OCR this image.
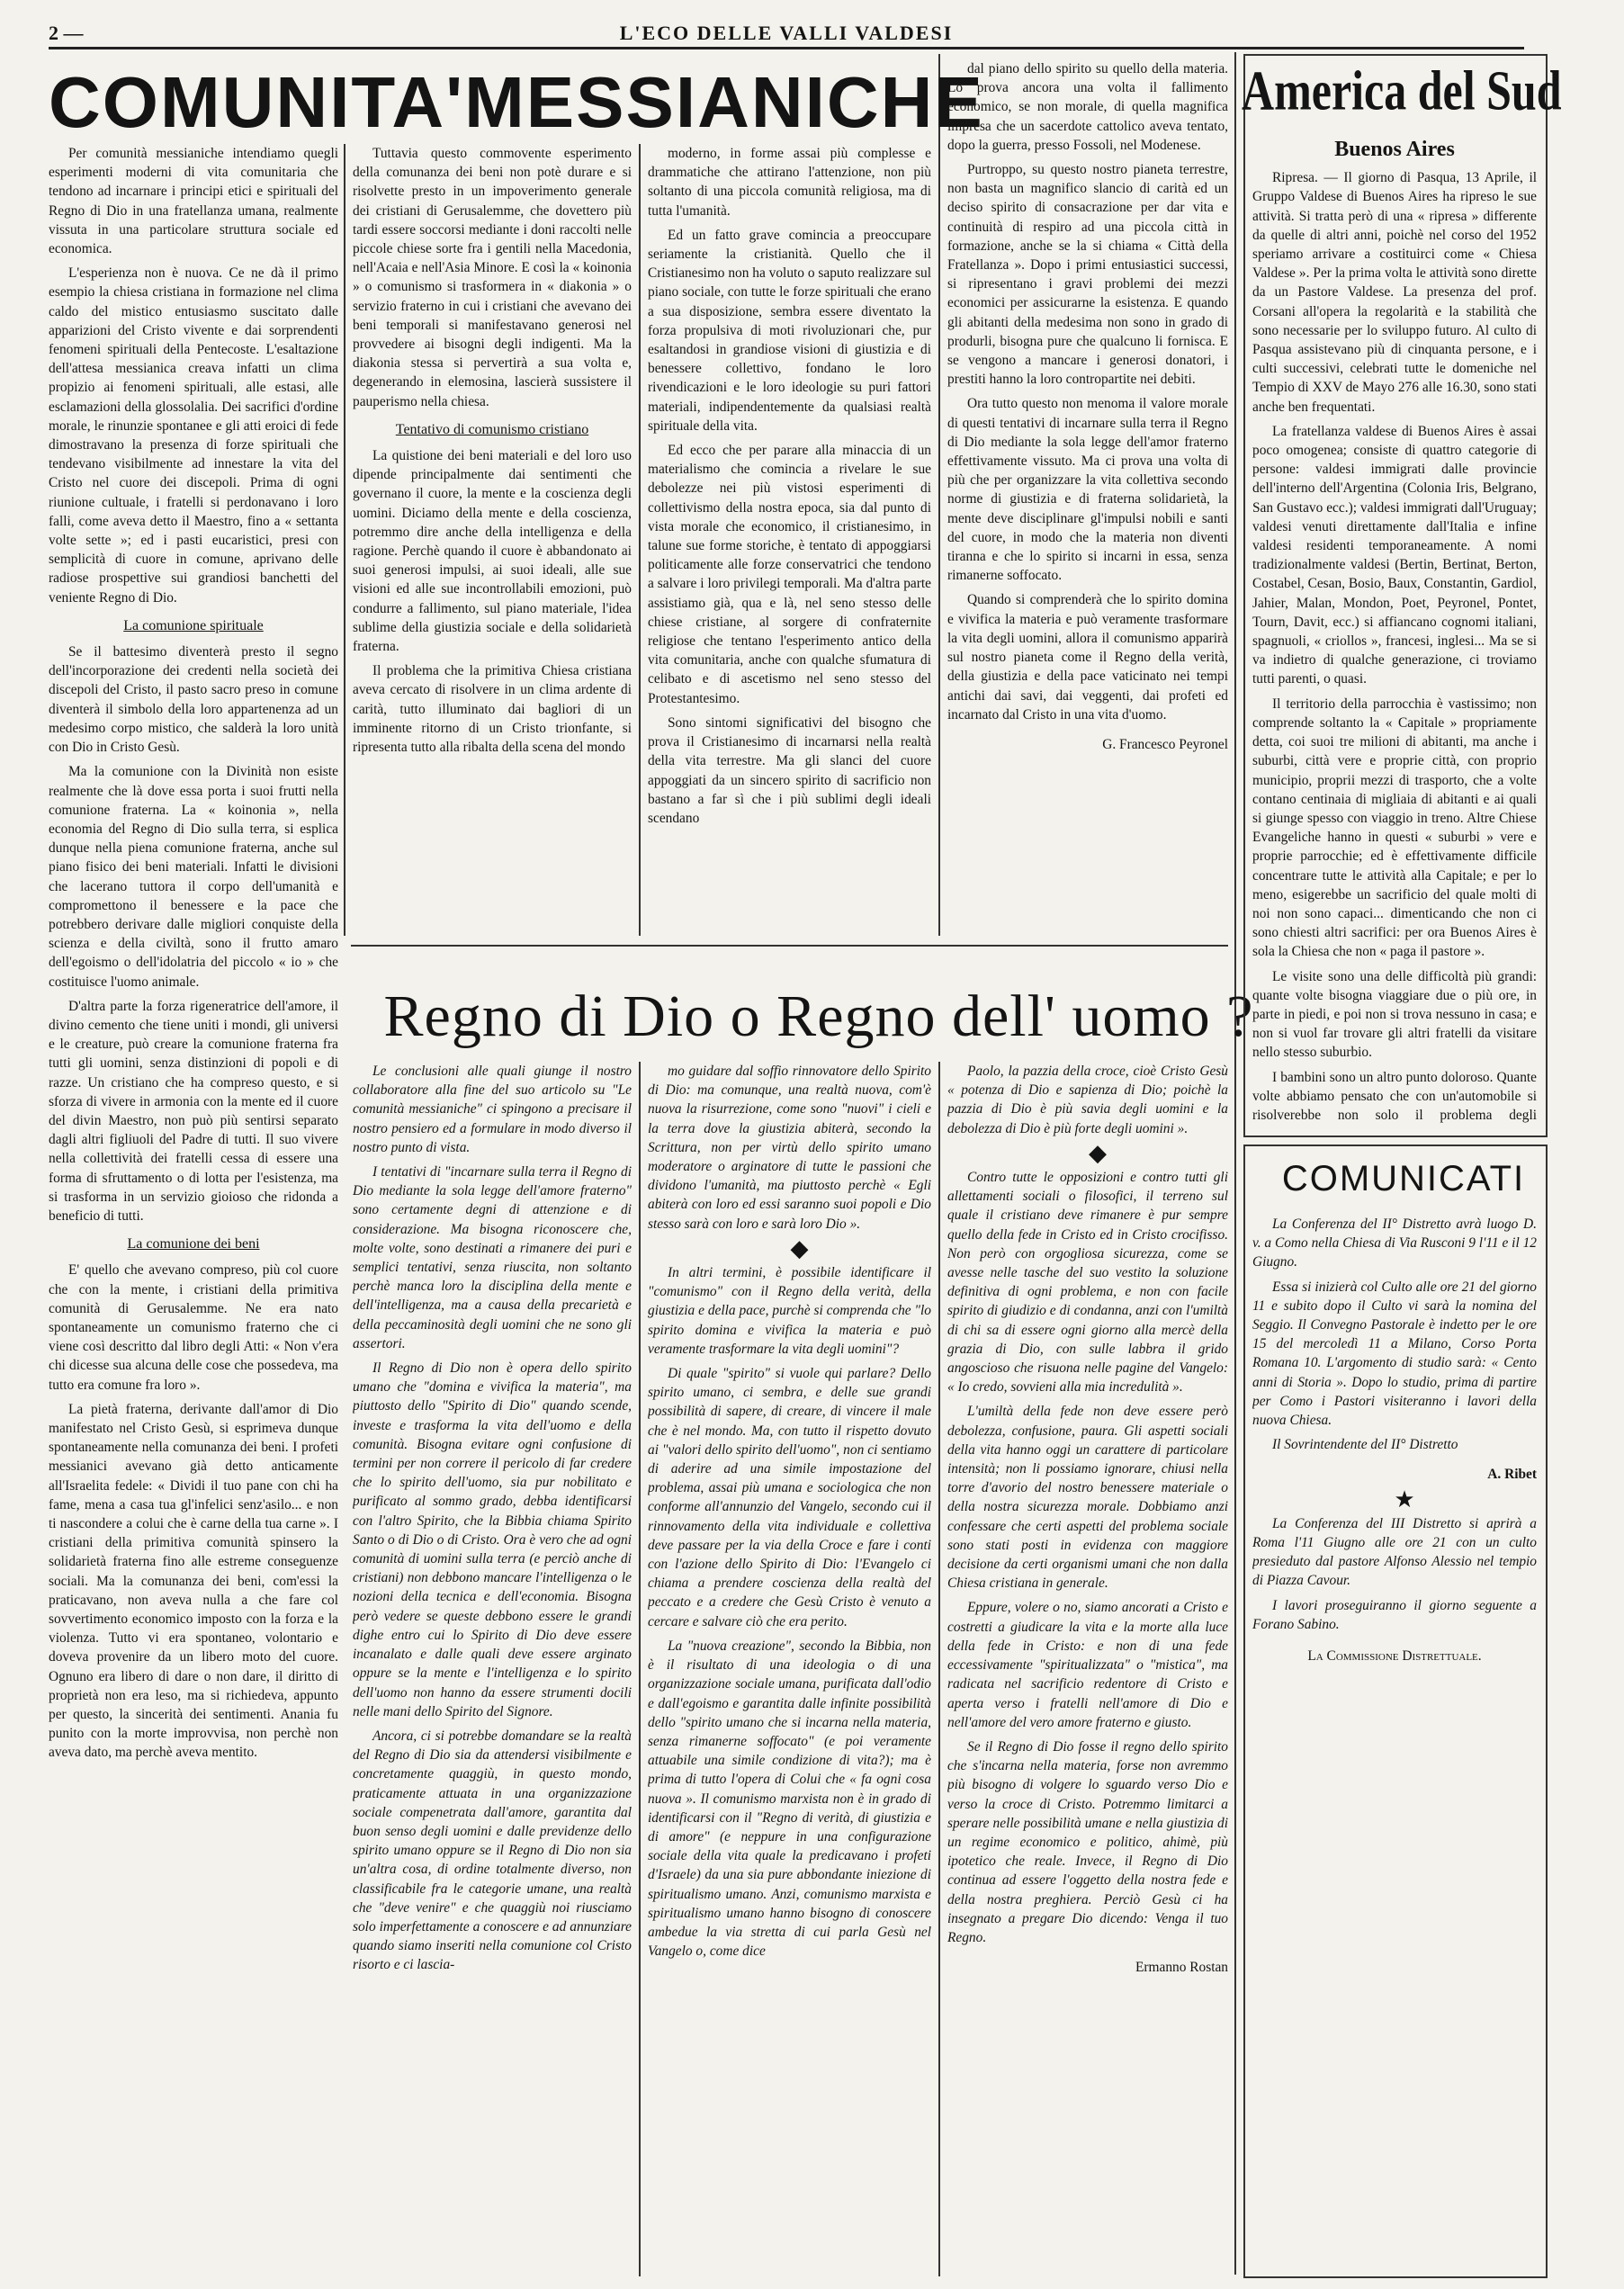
2 —	L'ECO DELLE VALLI VALDESI
COMUNITA'MESSIANICHE

Per comunità messianiche intendiamo quegli esperimenti moderni di vita comunitaria che tendono ad incarnare i principi etici e spirituali del Regno di Dio in una fratellanza umana, realmente vissuta in una particolare struttura sociale ed economica.

L'esperienza non è nuova. Ce ne dà il primo esempio la chiesa cristiana in formazione nel clima caldo del mistico entusiasmo suscitato dalle apparizioni del Cristo vivente e dai sorprendenti fenomeni spirituali della Pentecoste. L'esaltazione dell'attesa messianica creava infatti un clima propizio ai fenomeni spirituali, alle estasi, alle esclamazioni della glossolalia. Dei sacrifici d'ordine morale, le rinunzie spontanee e gli atti eroici di fede dimostravano la presenza di forze spirituali che tendevano visibilmente ad innestare la vita del Cristo nel cuore dei discepoli. Prima di ogni riunione cultuale, i fratelli si perdonavano i loro falli, come aveva detto il Maestro, fino a « settanta volte sette »; ed i pasti eucaristici, presi con semplicità di cuore in comune, aprivano delle radiose prospettive sui grandiosi banchetti del veniente Regno di Dio.

La comunione spirituale

Se il battesimo diventerà presto il segno dell'incorporazione dei credenti nella società dei discepoli del Cristo, il pasto sacro preso in comune diventerà il simbolo della loro appartenenza ad un medesimo corpo mistico, che salderà la loro unità con Dio in Cristo Gesù.

Ma la comunione con la Divinità non esiste realmente che là dove essa porta i suoi frutti nella comunione fraterna. La « koinonia », nella economia del Regno di Dio sulla terra, si esplica dunque nella piena comunione fraterna, anche sul piano fisico dei beni materiali. Infatti le divisioni che lacerano tuttora il corpo dell'umanità e compromettono il benessere e la pace che potrebbero derivare dalle migliori conquiste della scienza e della civiltà, sono il frutto amaro dell'egoismo o dell'idolatria del piccolo « io » che costituisce l'uomo animale.

D'altra parte la forza rigeneratrice dell'amore, il divino cemento che tiene uniti i mondi, gli universi e le creature, può creare la comunione fraterna fra tutti gli uomini, senza distinzioni di popoli e di razze. Un cristiano che ha compreso questo, e si sforza di vivere in armonia con la mente ed il cuore del divin Maestro, non può più sentirsi separato dagli altri figliuoli del Padre di tutti. Il suo vivere nella collettività dei fratelli cessa di essere una forma di sfruttamento o di lotta per l'esistenza, ma si trasforma in un servizio gioioso che ridonda a beneficio di tutti.

La comunione dei beni

E' quello che avevano compreso, più col cuore che con la mente, i cristiani della primitiva comunità di Gerusalemme. Ne era nato spontaneamente un comunismo fraterno che ci viene così descritto dal libro degli Atti: « Non v'era chi dicesse sua alcuna delle cose che possedeva, ma tutto era comune fra loro ».

La pietà fraterna, derivante dall'amor di Dio manifestato nel Cristo Gesù, si esprimeva dunque spontaneamente nella comunanza dei beni. I profeti messianici avevano già detto anticamente all'Israelita fedele: « Dividi il tuo pane con chi ha fame, mena a casa tua gl'infelici senz'asilo... e non ti nascondere a colui che è carne della tua carne ». I cristiani della primitiva comunità spinsero la solidarietà fraterna fino alle estreme conseguenze sociali. Ma la comunanza dei beni, com'essi la praticavano, non aveva nulla a che fare col sovvertimento economico imposto con la forza e la violenza. Tutto vi era spontaneo, volontario e doveva provenire da un libero moto del cuore. Ognuno era libero di dare o non dare, il diritto di proprietà non era leso, ma si richiedeva, appunto per questo, la sincerità dei sentimenti. Anania fu punito con la morte improvvisa, non perchè non aveva dato, ma perchè aveva mentito.

Tuttavia questo commovente esperimento della comunanza dei beni non potè durare e si risolvette presto in un impoverimento generale dei cristiani di Gerusalemme, che dovettero più tardi essere soccorsi mediante i doni raccolti nelle piccole chiese sorte fra i gentili nella Macedonia, nell'Acaia e nell'Asia Minore. E così la « koinonia » o comunismo si trasformera in « diakonia » o servizio fraterno in cui i cristiani che avevano dei beni temporali si manifestavano generosi nel provvedere ai bisogni degli indigenti. Ma la diakonia stessa si pervertirà a sua volta e, degenerando in elemosina, lascierà sussistere il pauperismo nella chiesa.

Tentativo di comunismo cristiano

La quistione dei beni materiali e del loro uso dipende principalmente dai sentimenti che governano il cuore, la mente e la coscienza degli uomini. Diciamo della mente e della coscienza, potremmo dire anche della intelligenza e della ragione. Perchè quando il cuore è abbandonato ai suoi generosi impulsi, ai suoi ideali, alle sue visioni ed alle sue incontrollabili emozioni, può condurre a fallimento, sul piano materiale, l'idea sublime della giustizia sociale e della solidarietà fraterna.

Il problema che la primitiva Chiesa cristiana aveva cercato di risolvere in un clima ardente di carità, tutto illuminato dai bagliori di un imminente ritorno di un Cristo trionfante, si ripresenta tutto alla ribalta della scena del mondo

moderno, in forme assai più complesse e drammatiche che attirano l'attenzione, non più soltanto di una piccola comunità religiosa, ma di tutta l'umanità.

Ed un fatto grave comincia a preoccupare seriamente la cristianità. Quello che il Cristianesimo non ha voluto o saputo realizzare sul piano sociale, con tutte le forze spirituali che erano a sua disposizione, sembra essere diventato la forza propulsiva di moti rivoluzionari che, pur esaltandosi in grandiose visioni di giustizia e di benessere collettivo, fondano le loro rivendicazioni e le loro ideologie su puri fattori materiali, indipendentemente da qualsiasi realtà spirituale della vita.

Ed ecco che per parare alla minaccia di un materialismo che comincia a rivelare le sue debolezze nei più vistosi esperimenti di collettivismo della nostra epoca, sia dal punto di vista morale che economico, il cristianesimo, in talune sue forme storiche, è tentato di appoggiarsi politicamente alle forze conservatrici che tendono a salvare i loro privilegi temporali. Ma d'altra parte assistiamo già, qua e là, nel seno stesso delle chiese cristiane, al sorgere di confraternite religiose che tentano l'esperimento antico della vita comunitaria, anche con qualche sfumatura di celibato e di ascetismo nel seno stesso del Protestantesimo.

Sono sintomi significativi del bisogno che prova il Cristianesimo di incarnarsi nella realtà della vita terrestre. Ma gli slanci del cuore appoggiati da un sincero spirito di sacrificio non bastano a far sì che i più sublimi degli ideali scendano

dal piano dello spirito su quello della materia. Lo prova ancora una volta il fallimento economico, se non morale, di quella magnifica impresa che un sacerdote cattolico aveva tentato, dopo la guerra, presso Fossoli, nel Modenese.

Purtroppo, su questo nostro pianeta terrestre, non basta un magnifico slancio di carità ed un deciso spirito di consacrazione per dar vita e continuità di respiro ad una piccola città in formazione, anche se la si chiama « Città della Fratellanza ». Dopo i primi entusiastici successi, si ripresentano i gravi problemi dei mezzi economici per assicurarne la esistenza. E quando gli abitanti della medesima non sono in grado di produrli, bisogna pure che qualcuno li fornisca. E se vengono a mancare i generosi donatori, i prestiti hanno la loro contropartite nei debiti.

Ora tutto questo non menoma il valore morale di questi tentativi di incarnare sulla terra il Regno di Dio mediante la sola legge dell'amor fraterno effettivamente vissuto. Ma ci prova una volta di più che per organizzare la vita collettiva secondo norme di giustizia e di fraterna solidarietà, la mente deve disciplinare gl'impulsi nobili e santi del cuore, in modo che la materia non diventi tiranna e che lo spirito si incarni in essa, senza rimanerne soffocato.

Quando si comprenderà che lo spirito domina e vivifica la materia e può veramente trasformare la vita degli uomini, allora il comunismo apparirà sul nostro pianeta come il Regno della verità, della giustizia e della pace vaticinato nei tempi antichi dai savi, dai veggenti, dai profeti ed incarnato dal Cristo in una vita d'uomo.

G. Francesco Peyronel

Regno di Dio o Regno dell' uomo ?

Le conclusioni alle quali giunge il nostro collaboratore alla fine del suo articolo su "Le comunità messianiche" ci spingono a precisare il nostro pensiero ed a formulare in modo diverso il nostro punto di vista.

I tentativi di "incarnare sulla terra il Regno di Dio mediante la sola legge dell'amore fraterno" sono certamente degni di attenzione e di considerazione. Ma bisogna riconoscere che, molte volte, sono destinati a rimanere dei puri e semplici tentativi, senza riuscita, non soltanto perchè manca loro la disciplina della mente e dell'intelligenza, ma a causa della precarietà e della peccaminosità degli uomini che ne sono gli assertori.

Il Regno di Dio non è opera dello spirito umano che "domina e vivifica la materia", ma piuttosto dello "Spirito di Dio" quando scende, investe e trasforma la vita dell'uomo e della comunità. Bisogna evitare ogni confusione di termini per non correre il pericolo di far credere che lo spirito dell'uomo, sia pur nobilitato e purificato al sommo grado, debba identificarsi con l'altro Spirito, che la Bibbia chiama Spirito Santo o di Dio o di Cristo. Ora è vero che ad ogni comunità di uomini sulla terra (e perciò anche di cristiani) non debbono mancare l'intelligenza o le nozioni della tecnica e dell'economia. Bisogna però vedere se queste debbono essere le grandi dighe entro cui lo Spirito di Dio deve essere incanalato e dalle quali deve essere arginato oppure se la mente e l'intelligenza e lo spirito dell'uomo non hanno da essere strumenti docili nelle mani dello Spirito del Signore.

Ancora, ci si potrebbe domandare se la realtà del Regno di Dio sia da attendersi visibilmente e concretamente quaggiù, in questo mondo, praticamente attuata in una organizzazione sociale compenetrata dall'amore, garantita dal buon senso degli uomini e dalle previdenze dello spirito umano oppure se il Regno di Dio non sia un'altra cosa, di ordine totalmente diverso, non classificabile fra le categorie umane, una realtà che "deve venire" e che quaggiù noi riusciamo solo imperfettamente a conoscere e ad annunziare quando siamo inseriti nella comunione col Cristo risorto e ci lascia-

mo guidare dal soffio rinnovatore dello Spirito di Dio: ma comunque, una realtà nuova, com'è nuova la risurrezione, come sono "nuovi" i cieli e la terra dove la giustizia abiterà, secondo la Scrittura, non per virtù dello spirito umano moderatore o arginatore di tutte le passioni che dividono l'umanità, ma piuttosto perchè « Egli abiterà con loro ed essi saranno suoi popoli e Dio stesso sarà con loro e sarà loro Dio ».

◆

In altri termini, è possibile identificare il "comunismo" con il Regno della verità, della giustizia e della pace, purchè si comprenda che "lo spirito domina e vivifica la materia e può veramente trasformare la vita degli uomini"?

Di quale "spirito" si vuole qui parlare? Dello spirito umano, ci sembra, e delle sue grandi possibilità di sapere, di creare, di vincere il male che è nel mondo. Ma, con tutto il rispetto dovuto ai "valori dello spirito dell'uomo", non ci sentiamo di aderire ad una simile impostazione del problema, assai più umana e sociologica che non conforme all'annunzio del Vangelo, secondo cui il rinnovamento della vita individuale e collettiva deve passare per la via della Croce e fare i conti con l'azione dello Spirito di Dio: l'Evangelo ci chiama a prendere coscienza della realtà del peccato e a credere che Gesù Cristo è venuto a cercare e salvare ciò che era perito.

La "nuova creazione", secondo la Bibbia, non è il risultato di una ideologia o di una organizzazione sociale umana, purificata dall'odio e dall'egoismo e garantita dalle infinite possibilità dello "spirito umano che si incarna nella materia, senza rimanerne soffocato" (e poi veramente attuabile una simile condizione di vita?); ma è prima di tutto l'opera di Colui che « fa ogni cosa nuova ». Il comunismo marxista non è in grado di identificarsi con il "Regno di verità, di giustizia e di amore" (e neppure in una configurazione sociale della vita quale la predicavano i profeti d'Israele) da una sia pure abbondante iniezione di spiritualismo umano. Anzi, comunismo marxista e spiritualismo umano hanno bisogno di conoscere ambedue la via stretta di cui parla Gesù nel Vangelo o, come dice

Paolo, la pazzia della croce, cioè Cristo Gesù « potenza di Dio e sapienza di Dio; poichè la pazzia di Dio è più savia degli uomini e la debolezza di Dio è più forte degli uomini ».

◆

Contro tutte le opposizioni e contro tutti gli allettamenti sociali o filosofici, il terreno sul quale il cristiano deve rimanere è pur sempre quello della fede in Cristo ed in Cristo crocifisso. Non però con orgogliosa sicurezza, come se avesse nelle tasche del suo vestito la soluzione definitiva di ogni problema, e non con facile spirito di giudizio e di condanna, anzi con l'umiltà di chi sa di essere ogni giorno alla mercè della grazia di Dio, con sulle labbra il grido angoscioso che risuona nelle pagine del Vangelo: « Io credo, sovvieni alla mia incredulità ».

L'umiltà della fede non deve essere però debolezza, confusione, paura. Gli aspetti sociali della vita hanno oggi un carattere di particolare intensità; non li possiamo ignorare, chiusi nella torre d'avorio del nostro benessere materiale o della nostra sicurezza morale. Dobbiamo anzi confessare che certi aspetti del problema sociale sono stati posti in evidenza con maggiore decisione da certi organismi umani che non dalla Chiesa cristiana in generale.

Eppure, volere o no, siamo ancorati a Cristo e costretti a giudicare la vita e la morte alla luce della fede in Cristo: e non di una fede eccessivamente "spiritualizzata" o "mistica", ma radicata nel sacrificio redentore di Cristo e aperta verso i fratelli nell'amore di Dio e nell'amore del vero amore fraterno e giusto.

Se il Regno di Dio fosse il regno dello spirito che s'incarna nella materia, forse non avremmo più bisogno di volgere lo sguardo verso Dio e verso la croce di Cristo. Potremmo limitarci a sperare nelle possibilità umane e nella giustizia di un regime economico e politico, ahimè, più ipotetico che reale. Invece, il Regno di Dio continua ad essere l'oggetto della nostra fede e della nostra preghiera. Perciò Gesù ci ha insegnato a pregare Dio dicendo: Venga il tuo Regno.

Ermanno Rostan

America del Sud
Buenos Aires

Ripresa. — Il giorno di Pasqua, 13 Aprile, il Gruppo Valdese di Buenos Aires ha ripreso le sue attività. Si tratta però di una « ripresa » differente da quelle di altri anni, poichè nel corso del 1952 speriamo arrivare a costituirci come « Chiesa Valdese ». Per la prima volta le attività sono dirette da un Pastore Valdese. La presenza del prof. Corsani all'opera la regolarità e la stabilità che sono necessarie per lo sviluppo futuro. Al culto di Pasqua assistevano più di cinquanta persone, e i culti successivi, celebrati tutte le domeniche nel Tempio di XXV de Mayo 276 alle 16.30, sono stati anche ben frequentati.

La fratellanza valdese di Buenos Aires è assai poco omogenea; consiste di quattro categorie di persone: valdesi immigrati dalle provincie dell'interno dell'Argentina (Colonia Iris, Belgrano, San Gustavo ecc.); valdesi immigrati dall'Uruguay; valdesi venuti direttamente dall'Italia e infine valdesi residenti temporaneamente. A nomi tradizionalmente valdesi (Bertin, Bertinat, Berton, Costabel, Cesan, Bosio, Baux, Constantin, Gardiol, Jahier, Malan, Mondon, Poet, Peyronel, Pontet, Tourn, Davit, ecc.) si affiancano cognomi italiani, spagnuoli, « criollos », francesi, inglesi... Ma se si va indietro di qualche generazione, ci troviamo tutti parenti, o quasi.

Il territorio della parrocchia è vastissimo; non comprende soltanto la « Capitale » propriamente detta, coi suoi tre milioni di abitanti, ma anche i suburbi, città vere e proprie città, con proprio municipio, proprii mezzi di trasporto, che a volte contano centinaia di migliaia di abitanti e ai quali si giunge spesso con viaggio in treno. Altre Chiese Evangeliche hanno in questi « suburbi » vere e proprie parrocchie; ed è effettivamente difficile concentrare tutte le attività alla Capitale; e per lo meno, esigerebbe un sacrificio del quale molti di noi non sono capaci... dimenticando che non ci sono chiesti altri sacrifici: per ora Buenos Aires è sola la Chiesa che non « paga il pastore ».

Le visite sono una delle difficoltà più grandi: quante volte bisogna viaggiare due o più ore, in parte in piedi, e poi non si trova nessuno in casa; e non si vuol far trovare gli altri fratelli da visitare nello stesso suburbio.

I bambini sono un altro punto doloroso. Quante volte abbiamo pensato che con un'automobile si risolverebbe non solo il problema degli

COMUNICATI

La Conferenza del II° Distretto avrà luogo D. v. a Como nella Chiesa di Via Rusconi 9 l'11 e il 12 Giugno.

Essa si inizierà col Culto alle ore 21 del giorno 11 e subito dopo il Culto vi sarà la nomina del Seggio. Il Convegno Pastorale è indetto per le ore 15 del mercoledì 11 a Milano, Corso Porta Romana 10. L'argomento di studio sarà: « Cento anni di Storia ». Dopo lo studio, prima di partire per Como i Pastori visiteranno i lavori della nuova Chiesa.

Il Sovrintendente del II° Distretto

A. Ribet

★

La Conferenza del III Distretto si aprirà a Roma l'11 Giugno alle ore 21 con un culto presieduto dal pastore Alfonso Alessio nel tempio di Piazza Cavour.

I lavori proseguiranno il giorno seguente a Forano Sabino.

La Commissione Distrettuale.
